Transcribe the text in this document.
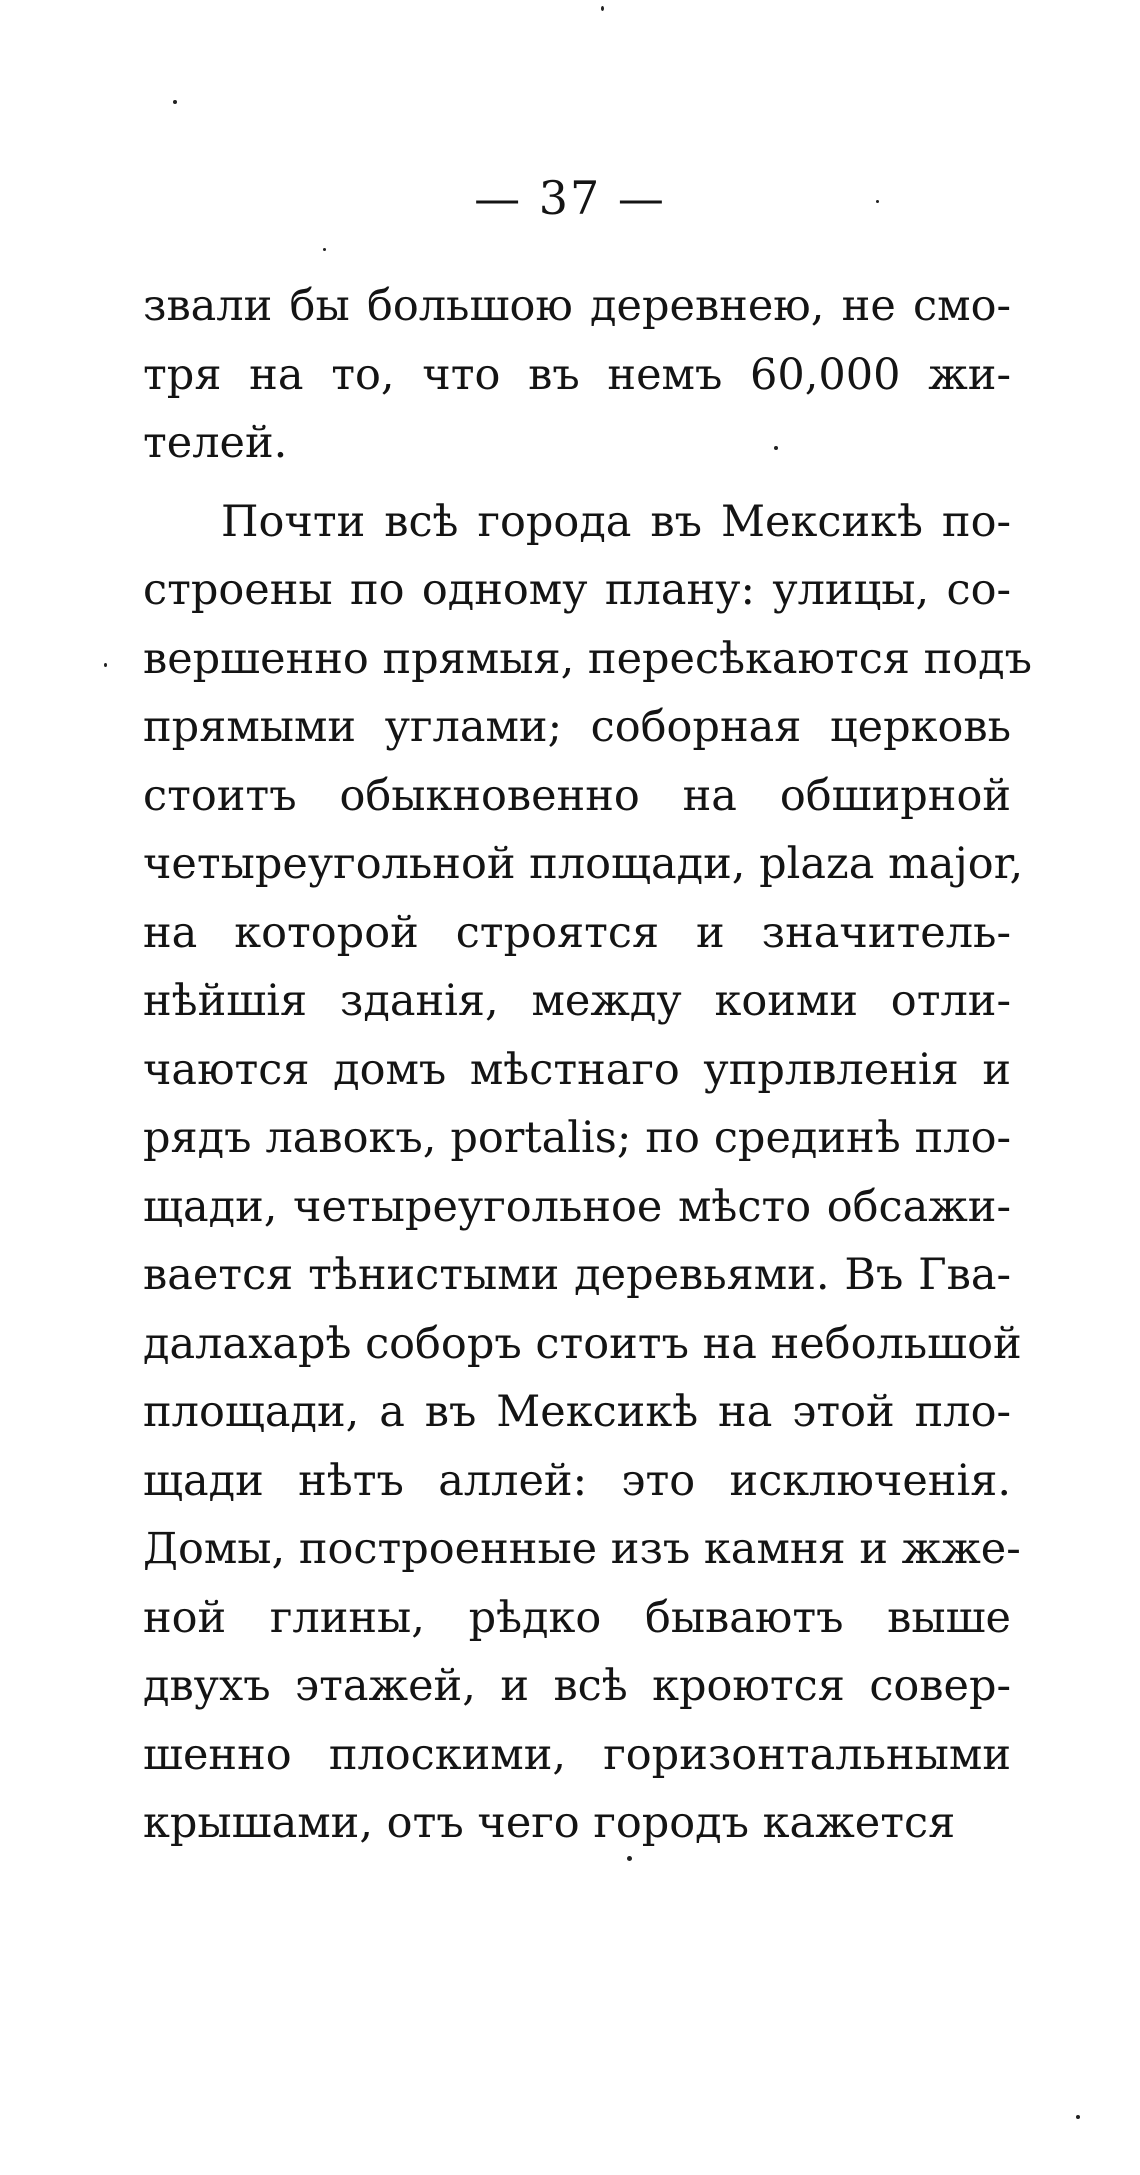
— 37 —
звали бы большою деревнею, не смо-
тря на то, что въ немъ 60,000 жи-
телей.
Почти всѣ города въ Мексикѣ по-
строены по одному плану: улицы, со-
вершенно прямыя, пересѣкаются подъ
прямыми углами; соборная церковь
стоитъ обыкновенно на обширной
четыреугольной площади, plaza major,
на которой строятся и значитель-
нѣйшія зданія, между коими отли-
чаются домъ мѣстнаго упрлвленія и
рядъ лавокъ, portalis; по срединѣ пло-
щади, четыреугольное мѣсто обсажи-
вается тѣнистыми деревьями. Въ Гва-
далахарѣ соборъ стоитъ на небольшой
площади, а въ Мексикѣ на этой пло-
щади нѣтъ аллей: это исключенія.
Домы, построенные изъ камня и жже-
ной глины, рѣдко бываютъ выше
двухъ этажей, и всѣ кроются совер-
шенно плоскими, горизонтальными
крышами, отъ чего городъ кажется
